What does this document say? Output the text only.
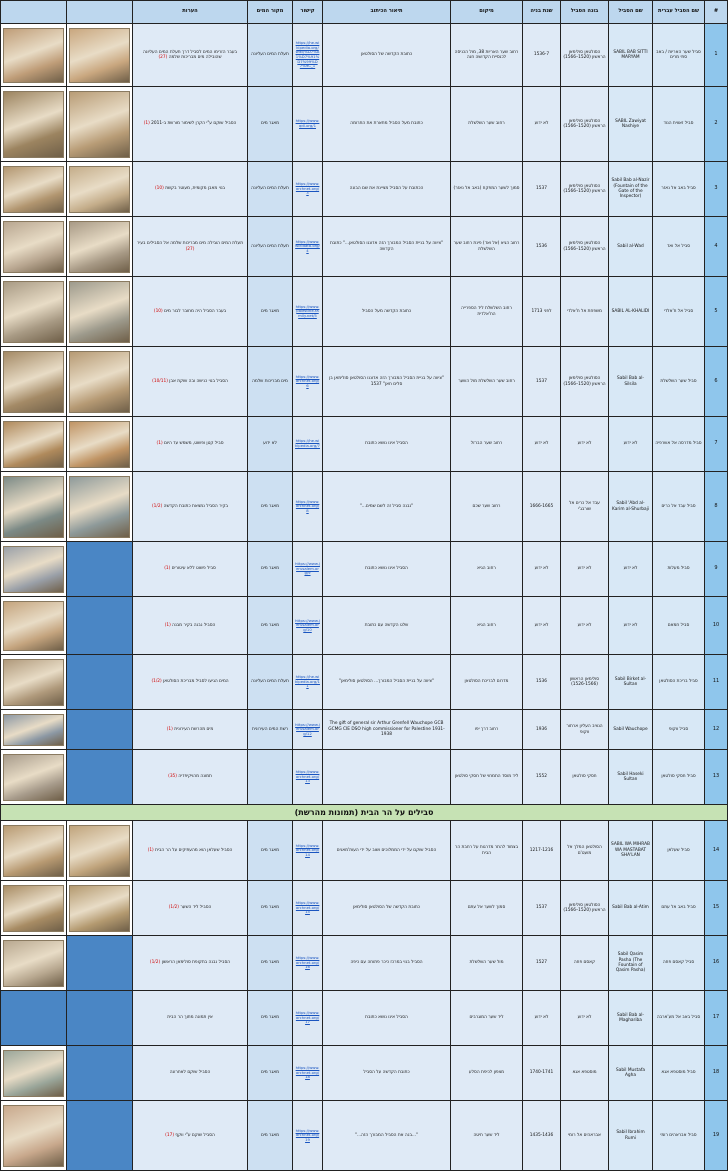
#	שם הסביל עברית	שם הסביל	בונה הסביל	שנת בניה	מיקום	תיאור הכיתוב	קישור	מקור המים	הערות		
1	סביל שער האריות / באב סתי מרים	SABIL BAB SITTI MARYAM	הסולטאן סולימאן הראשון (1520–1566)	1536-7	רחוב שער האריות 38, מול הכניסה לכנסיית הקדושה חנה	כתובת הקדשה של הסולטאן	https://he.wikipedia.org/wiki/%D7%A1%D7%91%D7%99%D7%9C_1	תעלת המים העליונה	בעבר הזרימו המים לסביל דרך תעלת המים העליונה שהובילה מים מבריכות שלמה (27)	

2	סביל זאווית הנוד	SABIL Zawiyat Nashiye	הסולטאן סולימאן הראשון (1520–1566)	לא ידוע	רחוב שער השלשלת	כתובת מעל הסביל מתארת את התרומה	https://www.qdl.org/1	מאגר מים	הסביל שוקם ע"י הקרן לשימור מורשת ב-2011 (1)	

3	סביל באב אל נאזר	Sabil Bab al-Nazir (Fountain of the Gate of the Inspector)	הסולטאן סולימאן הראשון (1520–1566)	1537	סמוך לשער המפקח (באב אל נאזר)	הכתובת על הסביל מציינת את שם הבונה	https://www.archnet.org/3	תעלת המים העליונה	בנוי מאבן מקומית, מעוטר בקשת (10)	

4	סביל אל ואד	Sabil al-Wad	הסולטאן סולימאן הראשון (1520–1566)	1536	רחוב הגיא (אל ואד) פינת רחוב שער השלשלת	"ציווה על בניית הסביל המבורך הזה אדוננו הסולטאן..." כתובת הקדשה	https://www.wikidata.org/4	תעלת המים העליונה	תעלת המים הובילה מים מבריכות שלמה אל הסבילים בעיר (27)	

5	סביל אל ח'אלדי	SABIL AL-KHALIDI	משפחת אל ח'אלדי	לפני 1713	רחוב השלשלת ליד הספרייה הח'אלדית	כתובת הקדשה מעל הסביל	https://www.palestine-family.net/5	מאגר מים	בעבר הסביל היה מחובר לבור מים (10)	

6	סביל שער השלשלת	Sabil Bab al-Silsila	הסולטאן סולימאן הראשון (1520–1566)	1537	רחוב שער השלשלת מול השער	"ציווה על בניית הסביל המבורך הזה אדוננו הסולטאן סולימאן בן סלים חאן" 1537	https://www.archnet.org/6	מים מבריכות שלמה	הסביל בנוי כנישה ובה שוקת אבן (10/11)	

7	סביל מדרסה אל אשרפיה	לא ידוע	לא ידוע	לא ידוע	רחוב שער הברזל	הסביל אינו נושא כתובת	https://he.wikipedia.org/7	לא ידוע	סביל קטן ופשוט, משמש עד היום (1)	

8	סביל עבד אל כרים	Sabil 'Abd al-Karim al-Shurbaji	עבד אל כרים אל שורבג'י	1666-1665	רחוב שער שכם	"נבנה סביל זה לשם שמים..."	https://www.archnet.org/8	מאגר מים	בקיר הסביל נמצאת כתובת הקדשה (1/2)	

9	סביל מעלות	לא ידוע	לא ידוע	לא ידוע	רחוב הגיא	הסביל אינו נושא כתובת	https://www.jerusalem.org/9	מאגר מים	סביל פשוט ללא עיטורים (1)		

10	סביל חמאם	לא ידוע	לא ידוע	לא ידוע	רחוב הגיא	שלט הקדשה עם כתובת	https://www.jerusalem.org/10	מאגר מים	הסביל נבנה בקיר מבנה (1)		

11	סביל בריכת הסולטאן	Sabil Birket al-Sultan	סולימאן הראשון (1526-1566)	1536	מדרום לבריכת הסולטאן	"ציווה על בניית הסביל המבורך... הסולטאן סולימאן"	https://he.wikipedia.org/11	תעלת המים העליונה	המים הגיעו לסביל מבריכת הסולטאן (1/2)		

12	סביל ווקופ	Sabil Wauchope	הנציב העליון ארתור ווקופ	1936	רחוב דרך יפו	The gift of general sir Arthur Grenfell Wauchope GCB GCMG CIE DSO high commissioner for Palestine 1931-1938	https://www.jerusalem.org/12	רשת המים העירונית	מים מהרשת העירונית (1)		

13	סביל חסקי סולטאן	Sabil Haseki Sultan	חסקי סולטאן	1552	ליד מוסד התמחוי של חסקי סולטאן		https://www.archnet.org/13		תמונה מהויקיפדיה (35)		

סבילים על הר הבית (תמונות מהרשת)											
14	סביל שעלאן	SABIL WA MIHRAB WA MASTABAT SHA'LAN	הסולטאן המלך אל מועט'ם	1217-1216	בצמוד להתר מדרגות על רחבת הר הבית	הסביל שוקם על ידי הממלוכים ושוב על ידי העות'מאנים	https://www.archnet.org/14	מאגר מים	הסביל שעלאן הוא מהעתיקים על הר הבית (1)	

15	סביל באב אל עתם	Sabil Bab al-Atim	הסולטאן סולימאן הראשון (1520–1566)	1537	סמוך לשער אל עתם	כתובת הקדשה של הסולטאן סולימאן	https://www.archnet.org/15	מאגר מים	הסביל ליד השער (1/2)	

16	סביל קאסם פחה	Sabil Qasim Pasha (The Fountain of Qasim Pasha)	קאסם פחה	1527	מול שער השלשלת	הסביל בנוי במרכז כיכר פתוחה עם כיפה	https://www.archnet.org/16	מאגר מים	הסביל נבנה בתקופת סולימאן הראשון (1/2)		

17	סביל באב אל מע'ארבה	Sabil Bab al-Maghariba	לא ידוע	לא ידוע	ליד שער המוגרבים	הסביל אינו נושא כתובת	https://www.archnet.org/17	מאגר מים	אין תמונה מתוך הר הבית		
18	סביל מוסטפא אגא	Sabil Mustafa Agha	מוסטפא אגא	1740-1741	מצפון לכיפת הסלע	כתובת הקדשה על הסביל	https://www.archnet.org/18	מאגר מים	הסביל שוקם לאחרונה		

19	סביל אבראהים רומי	Sabil Ibrahim Rumi	אבראהים אל רומי	1435-1436	ליד שער חיטה	"...בנה את הסביל המבורך הזה..."	https://www.archnet.org/19	מאגר מים	הסביל שוקם ע"י ווקף (17)		
